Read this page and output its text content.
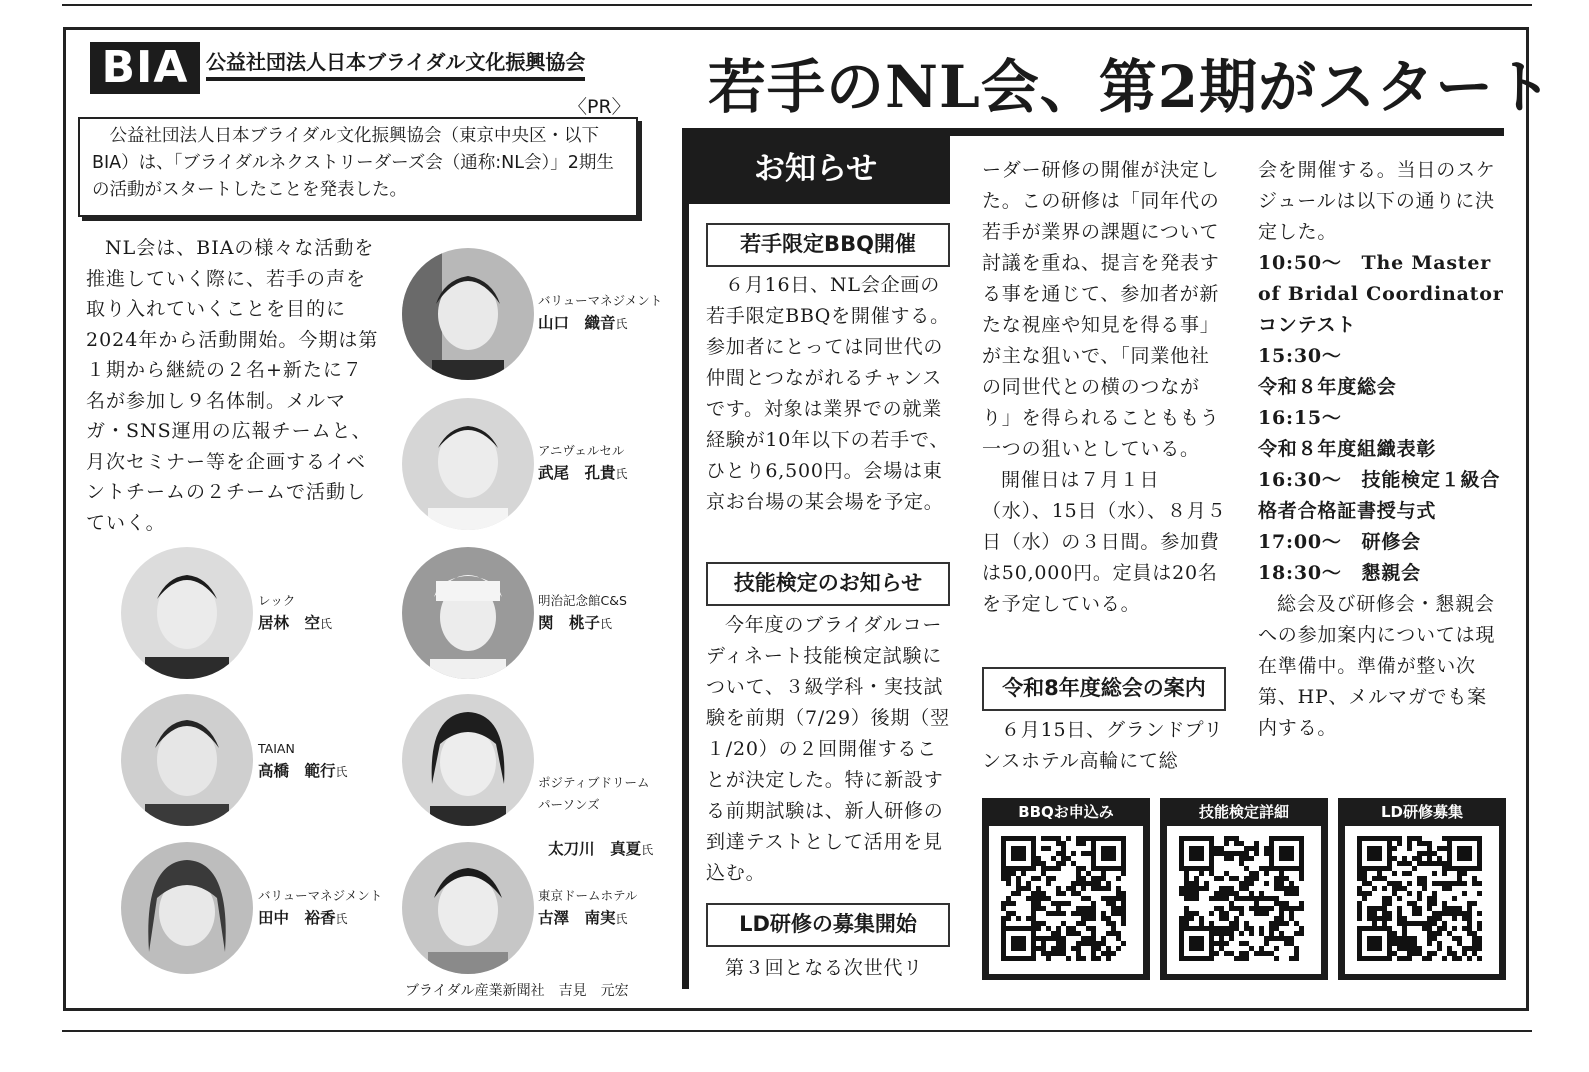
BIA 公益社団法人日本ブライダル文化振興協会
〈PR〉

公益社団法人日本ブライダル文化振興協会（東京中央区・以下BIA）は、「ブライダルネクストリーダーズ会（通称:NL会）」2期生の活動がスタートしたことを発表した。

NL会は、BIAの様々な活動を推進していく際に、若手の声を取り入れていくことを目的に2024年から活動開始。今期は第１期から継続の２名+新たに７名が参加し９名体制。メルマガ・SNS運用の広報チームと、月次セミナー等を企画するイベントチームの２チームで活動していく。

バリューマネジメント
山口　織音氏
アニヴェルセル
武尾　孔貴氏
レック
居林　空氏
明治記念館C&S
関　桃子氏
TAIAN
高橋　範行氏

ポジティブドリーム
パーソンズ

太刀川　真夏氏

バリューマネジメント
田中　裕香氏
東京ドームホテル
古澤　南実氏
ブライダル産業新聞社　吉見　元宏
若手のNL会、第2期がスタート
お知らせ
若手限定BBQ開催

６月16日、NL会企画の若手限定BBQを開催する。参加者にとっては同世代の仲間とつながれるチャンスです。対象は業界での就業経験が10年以下の若手で、ひとり6,500円。会場は東京お台場の某会場を予定。

技能検定のお知らせ

今年度のブライダルコーディネート技能検定試験について、３級学科・実技試験を前期（7/29）後期（翌１/20）の２回開催することが決定した。特に新設する前期試験は、新人研修の到達テストとして活用を見込む。

LD研修の募集開始

第３回となる次世代リ

ーダー研修の開催が決定した。この研修は「同年代の若手が業界の課題について討議を重ね、提言を発表する事を通じて、参加者が新たな視座や知見を得る事」が主な狙いで、「同業他社の同世代との横のつながり」を得られることももう一つの狙いとしている。

開催日は７月１日（水）、15日（水）、８月５日（水）の３日間。参加費は50,000円。定員は20名を予定している。

令和8年度総会の案内

６月15日、グランドプリンスホテル高輪にて総

会を開催する。当日のスケジュールは以下の通りに決定した。

10:50〜　 The Master of Bridal Coordinator コンテスト

15:30〜
令和８年度総会

16:15〜
令和８年度組織表彰

16:30〜　 技能検定１級合格者合格証書授与式

17:00〜　 研修会

18:30〜　 懇親会

総会及び研修会・懇親会への参加案内については現在準備中。準備が整い次第、HP、メルマガでも案内する。

BBQお申込み	技能検定詳細	LD研修募集
